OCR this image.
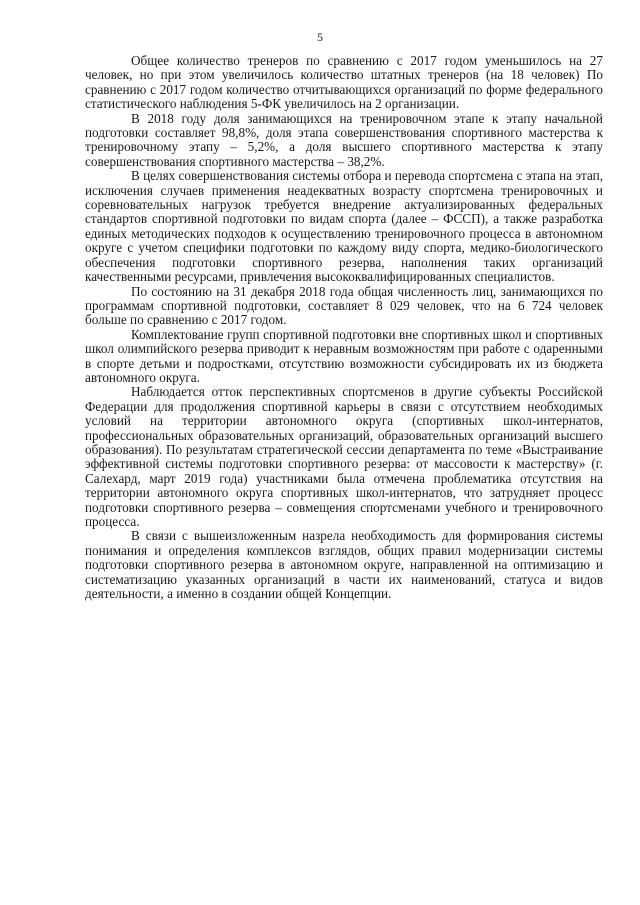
5

Общее количество тренеров по сравнению с 2017 годом уменьшилось на 27 человек, но при этом увеличилось количество штатных тренеров (на 18 человек) По сравнению с 2017 годом количество отчитывающихся организаций по форме федерального статистического наблюдения 5-ФК увеличилось на 2 организации.

В 2018 году доля занимающихся на тренировочном этапе к этапу начальной подготовки составляет 98,8%, доля этапа совершенствования спортивного мастерства к тренировочному этапу – 5,2%, а доля высшего спортивного мастерства к этапу совершенствования спортивного мастерства – 38,2%.

В целях совершенствования системы отбора и перевода спортсмена с этапа на этап, исключения случаев применения неадекватных возрасту спортсмена тренировочных и соревновательных нагрузок требуется внедрение актуализированных федеральных стандартов спортивной подготовки по видам спорта (далее – ФССП), а также разработка единых методических подходов к осуществлению тренировочного процесса в автономном округе с учетом специфики подготовки по каждому виду спорта, медико-биологического обеспечения подготовки спортивного резерва, наполнения таких организаций качественными ресурсами, привлечения высококвалифицированных специалистов.

По состоянию на 31 декабря 2018 года общая численность лиц, занимающихся по программам спортивной подготовки, составляет 8 029 человек, что на 6 724 человек больше по сравнению с 2017 годом.

Комплектование групп спортивной подготовки вне спортивных школ и спортивных школ олимпийского резерва приводит к неравным возможностям при работе с одаренными в спорте детьми и подростками, отсутствию возможности субсидировать их из бюджета автономного округа.

Наблюдается отток перспективных спортсменов в другие субъекты Российской Федерации для продолжения спортивной карьеры в связи с отсутствием необходимых условий на территории автономного округа (спортивных школ-интернатов, профессиональных образовательных организаций, образовательных организаций высшего образования). По результатам стратегической сессии департамента по теме «Выстраивание эффективной системы подготовки спортивного резерва: от массовости к мастерству» (г. Салехард, март 2019 года) участниками была отмечена проблематика отсутствия на территории автономного округа спортивных школ-интернатов, что затрудняет процесс подготовки спортивного резерва – совмещения спортсменами учебного и тренировочного процесса.

В связи с вышеизложенным назрела необходимость для формирования системы понимания и определения комплексов взглядов, общих правил модернизации системы подготовки спортивного резерва в автономном округе, направленной на оптимизацию и систематизацию указанных организаций в части их наименований, статуса и видов деятельности, а именно в создании общей Концепции.
